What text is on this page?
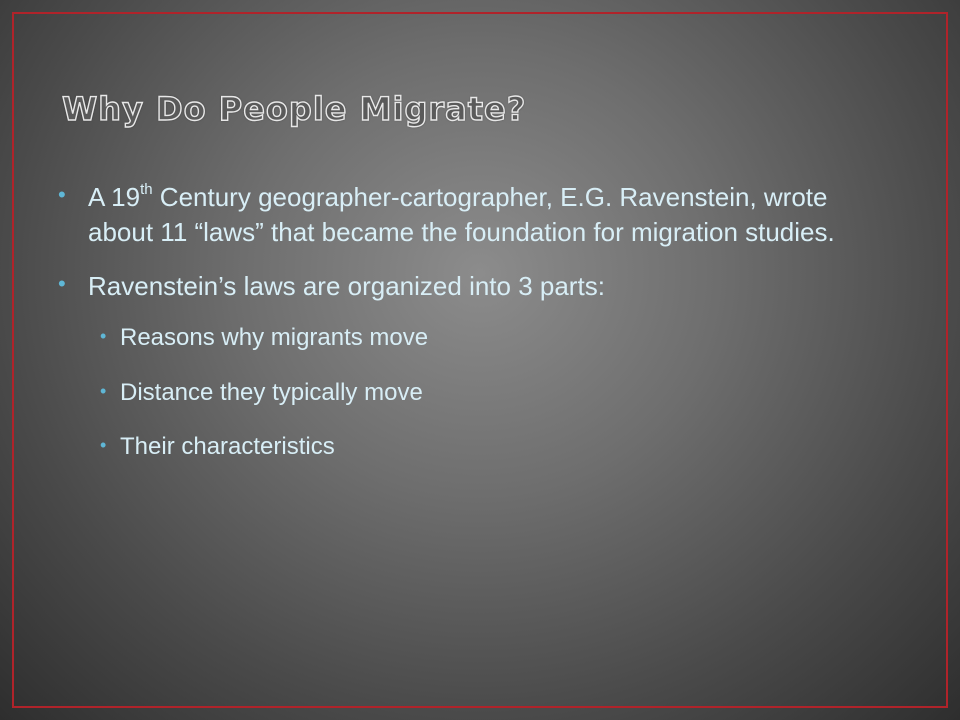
Why Do People Migrate?
• A 19th Century geographer-cartographer, E.G. Ravenstein, wrote about 11 “laws” that became the foundation for migration studies.
• Ravenstein’s laws are organized into 3 parts:
• Reasons why migrants move
• Distance they typically move
• Their characteristics
